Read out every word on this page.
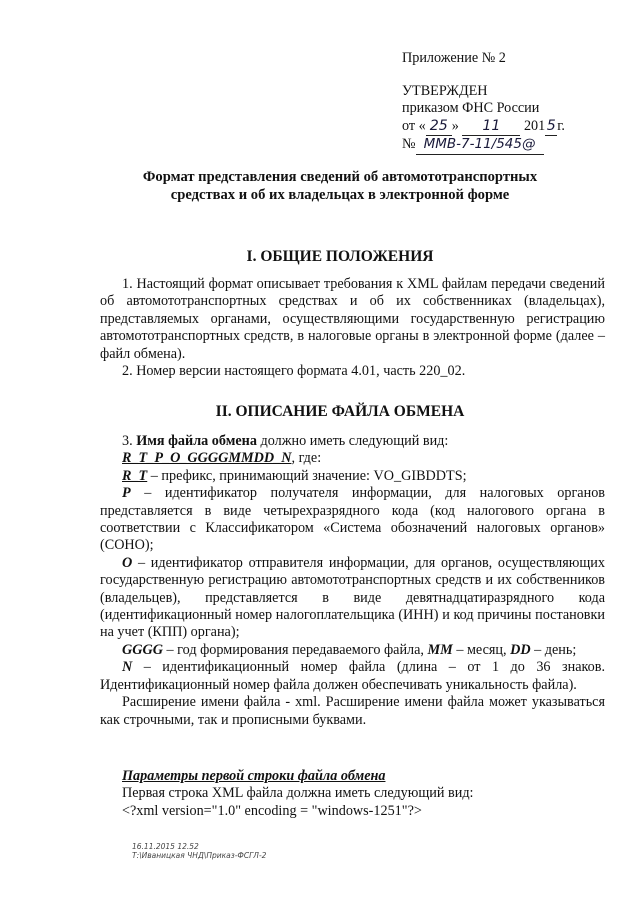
Приложение № 2
УТВЕРЖДЕН
приказом ФНС России
от « 25 » 11 2015г.
№ ММВ-7-11/545@
Формат представления сведений об автомототранспортных
средствах и об их владельцах в электронной форме
I. ОБЩИЕ ПОЛОЖЕНИЯ

1. Настоящий формат описывает требования к XML файлам передачи сведений об автомототранспортных средствах и об их собственниках (владельцах), представляемых органами, осуществляющими государственную регистрацию автомототранспортных средств, в налоговые органы в электронной форме (далее – файл обмена).

2. Номер версии настоящего формата 4.01, часть 220_02.

II. ОПИСАНИЕ ФАЙЛА ОБМЕНА

3. Имя файла обмена должно иметь следующий вид:

R_T_P_O_GGGGMMDD_N, где:

R_T – префикс, принимающий значение: VO_GIBDDTS;

P – идентификатор получателя информации, для налоговых органов представляется в виде четырехразрядного кода (код налогового органа в соответствии с Классификатором «Система обозначений налоговых органов» (СОНО);

O – идентификатор отправителя информации, для органов, осуществляющих государственную регистрацию автомототранспортных средств и их собственников (владельцев), представляется в виде девятнадцатиразрядного кода (идентификационный номер налогоплательщика (ИНН) и код причины постановки на учет (КПП) органа);

GGGG – год формирования передаваемого файла, MM – месяц, DD – день;

N – идентификационный номер файла (длина – от 1 до 36 знаков. Идентификационный номер файла должен обеспечивать уникальность файла).

Расширение имени файла - xml. Расширение имени файла может указываться как строчными, так и прописными буквами.

Параметры первой строки файла обмена

Первая строка XML файла должна иметь следующий вид:

<?xml version="1.0" encoding = "windows-1251"?>

16.11.2015 12.52
Т:\Иваницкая ЧНД\Приказ-ФСГЛ-2
